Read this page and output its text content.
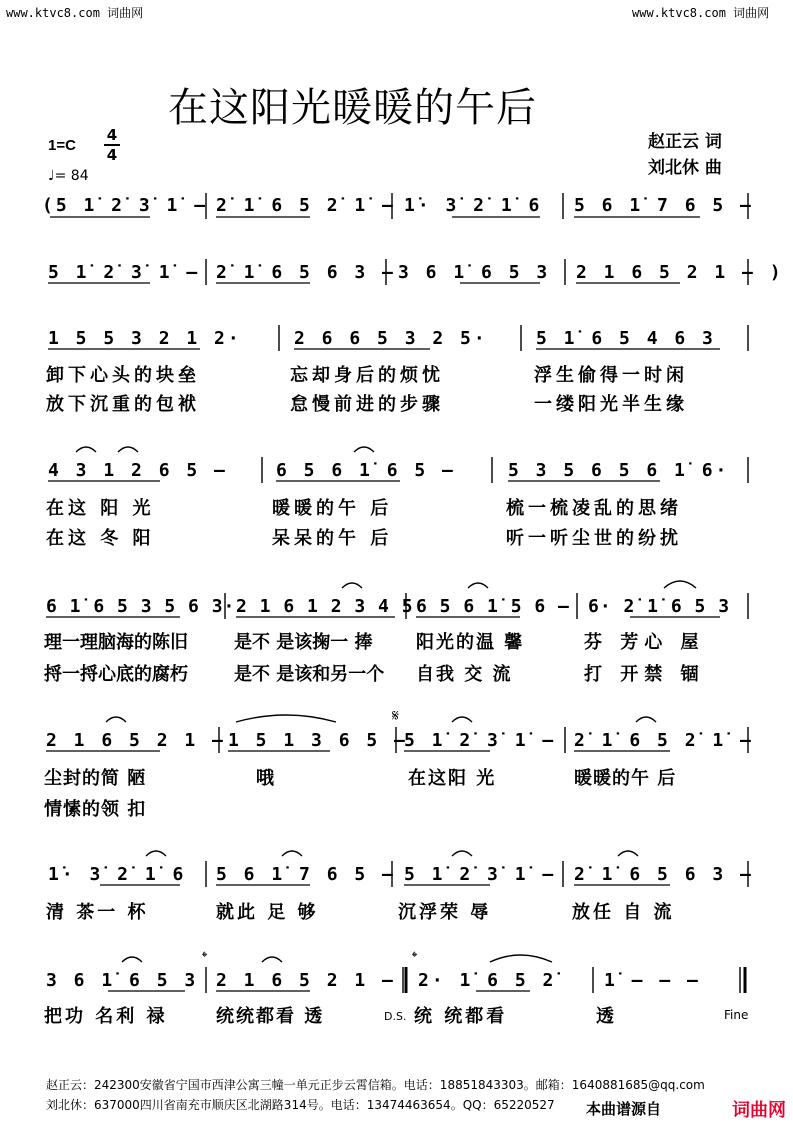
www.ktvc8.com 词曲网	www.ktvc8.com 词曲网
在这阳光暖暖的午后
1=C
4
4
♩= 84
赵正云 词
刘北休 曲
(5 1̇ 2̇ 3̇ 1̇ – 2̇ 1̇ 6 5 2̇ 1̇ – 1̇· 3̇ 2̇ 1̇ 6 5 6 1̇ 7 6 5 –
5 1̇ 2̇ 3̇ 1̇ – 2̇ 1̇ 6 5 6 3 – 3 6 1̇ 6 5 3 2 1 6 5 2 1 – )
1 5 5 3 2 1 2·	2 6 6 5 3 2 5·	5 1̇ 6 5 4 6 3
卸下心头的块垒	忘却身后的烦忧	浮生偷得一时闲
放下沉重的包袱	怠慢前进的步骤	一缕阳光半生缘
4 3 1 2 6 5 –	6 5 6 1̇ 6 5 –	5 3 5 6 5 6 1̇ 6·
在这 阳 光	暖暖的午 后	梳一梳凌乱的思绪
在这 冬 阳	呆呆的午 后	听一听尘世的纷扰
6 1̇ 6 5 3 5 6 3· 2 1 6 1 2 3 4 5 6 5 6 1̇ 5 6 – 6· 2̇ 1̇ 6 5 3
理一理脑海的陈旧	是不 是该掬一 捧 阳光的温 馨	芬 芳心 屋
捋一捋心底的腐朽	是不 是该和另一个 自我 交 流	打 开禁 锢
𝄋
2 1 6 5 2 1 – 1 5 1 3 6 5 –
5 1̇ 2̇ 3̇ 1̇ – 2̇ 1̇ 6 5 2̇ 1̇ –
尘封的简 陋	哦	在这阳 光	暖暖的午 后
情愫的领 扣
1̇· 3̇ 2̇ 1̇ 6 5 6 1̇ 7 6 5 – 5 1̇ 2̇ 3̇ 1̇ – 2̇ 1̇ 6 5 6 3 –
清 茶一 杯	就此 足 够	沉浮荣 辱	放任 自 流
𝄌	𝄌
3 6 1̇ 6 5 3 2 1 6 5 2 1 – 2· 1̇ 6 5 2̇	1̇ – – –
把功 名利 禄	统统都看 透	D.S. 统 统都看	透	Fine
赵正云：242300安徽省宁国市西津公寓三幢一单元正步云霄信箱。电话：18851843303。邮箱：1640881685@qq.com
刘北休：637000四川省南充市顺庆区北湖路314号。电话：13474463654。QQ：65220527 本曲谱源自	词曲网
